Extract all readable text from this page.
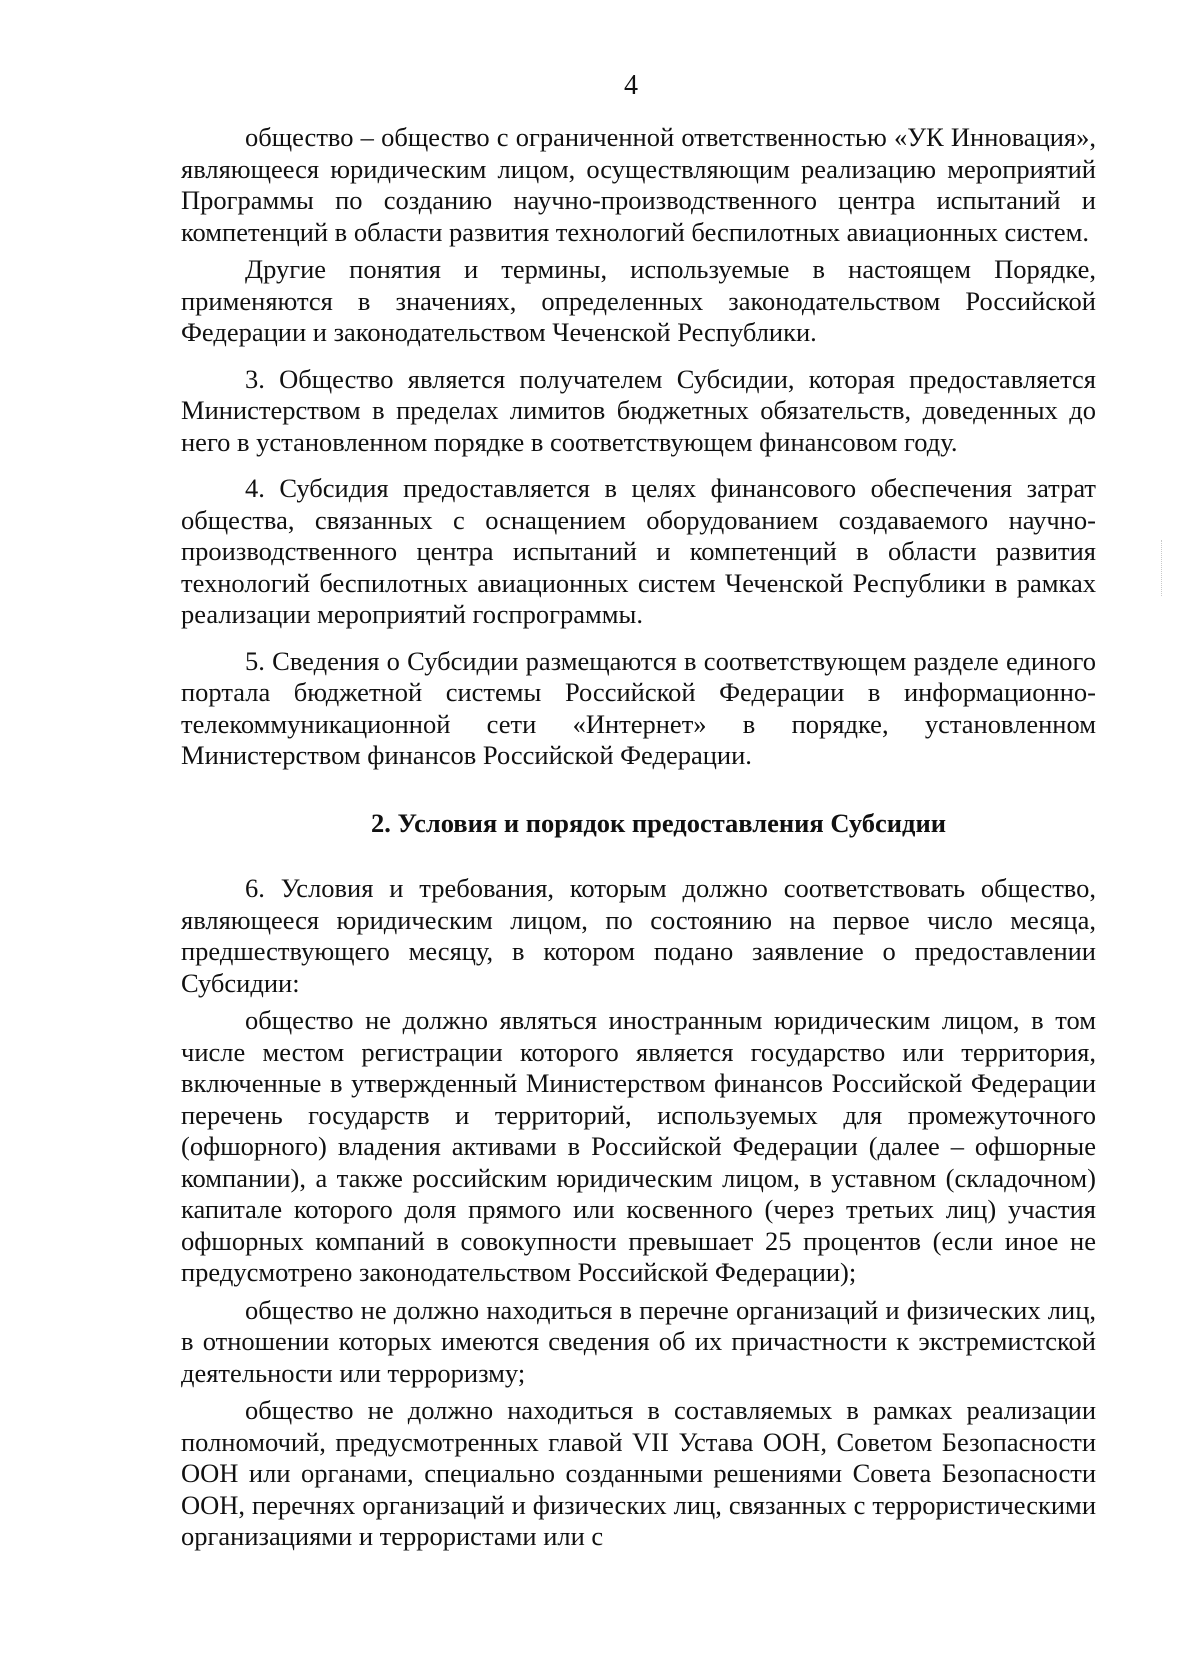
4

общество – общество с ограниченной ответственностью «УК Инновация», являющееся юридическим лицом, осуществляющим реализацию мероприятий Программы по созданию научно-производственного центра испытаний и компетенций в области развития технологий беспилотных авиационных систем.

Другие понятия и термины, используемые в настоящем Порядке, применяются в значениях, определенных законодательством Российской Федерации и законодательством Чеченской Республики.

3. Общество является получателем Субсидии, которая предоставляется Министерством в пределах лимитов бюджетных обязательств, доведенных до него в установленном порядке в соответствующем финансовом году.

4. Субсидия предоставляется в целях финансового обеспечения затрат общества, связанных с оснащением оборудованием создаваемого научно-производственного центра испытаний и компетенций в области развития технологий беспилотных авиационных систем Чеченской Республики в рамках реализации мероприятий госпрограммы.

5. Сведения о Субсидии размещаются в соответствующем разделе единого портала бюджетной системы Российской Федерации в информационно-телекоммуникационной сети «Интернет» в порядке, установленном Министерством финансов Российской Федерации.

2. Условия и порядок предоставления Субсидии

6. Условия и требования, которым должно соответствовать общество, являющееся юридическим лицом, по состоянию на первое число месяца, предшествующего месяцу, в котором подано заявление о предоставлении Субсидии:

общество не должно являться иностранным юридическим лицом, в том числе местом регистрации которого является государство или территория, включенные в утвержденный Министерством финансов Российской Федерации перечень государств и территорий, используемых для промежуточного (офшорного) владения активами в Российской Федерации (далее – офшорные компании), а также российским юридическим лицом, в уставном (складочном) капитале которого доля прямого или косвенного (через третьих лиц) участия офшорных компаний в совокупности превышает 25 процентов (если иное не предусмотрено законодательством Российской Федерации);

общество не должно находиться в перечне организаций и физических лиц, в отношении которых имеются сведения об их причастности к экстремистской деятельности или терроризму;

общество не должно находиться в составляемых в рамках реализации полномочий, предусмотренных главой VII Устава ООН, Советом Безопасности ООН или органами, специально созданными решениями Совета Безопасности ООН, перечнях организаций и физических лиц, связанных с террористическими организациями и террористами или с
